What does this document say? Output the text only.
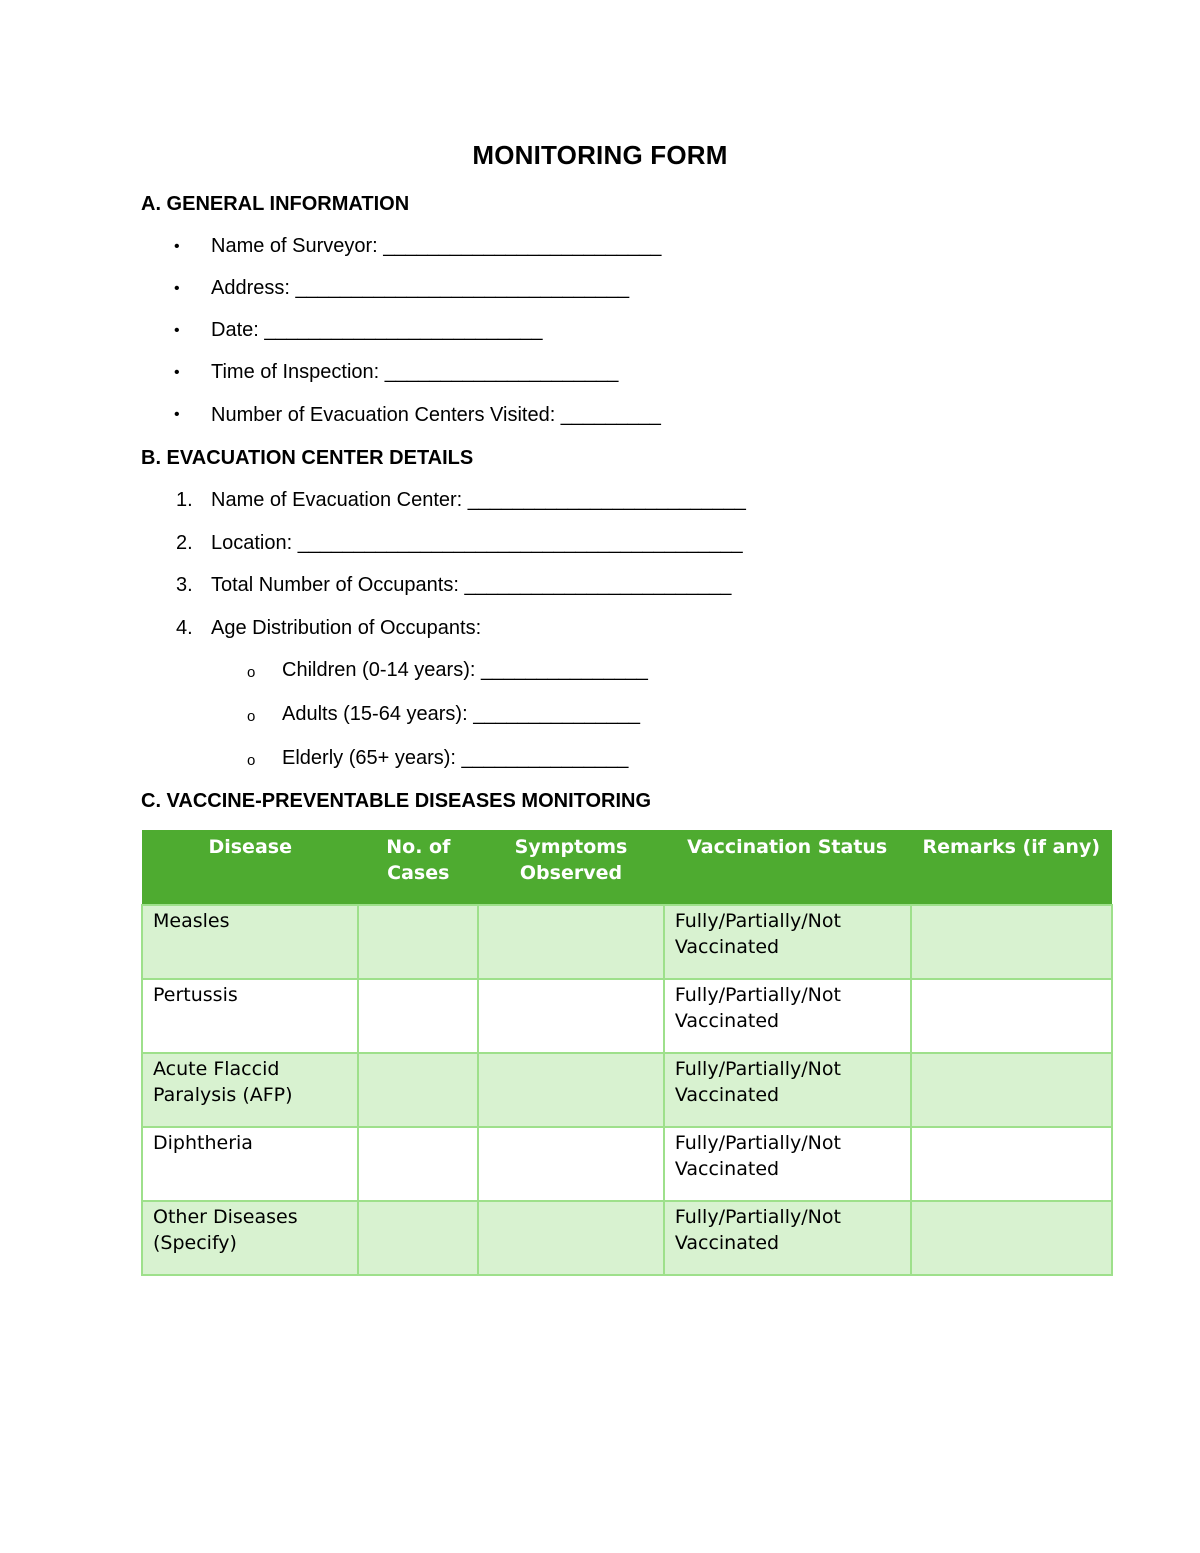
MONITORING FORM
A. GENERAL INFORMATION
• Name of Surveyor: _________________________
• Address: ______________________________
• Date: _________________________
• Time of Inspection: _____________________
• Number of Evacuation Centers Visited: _________
B. EVACUATION CENTER DETAILS
1. Name of Evacuation Center: _________________________
2. Location: ________________________________________
3. Total Number of Occupants: ________________________
4. Age Distribution of Occupants:
o Children (0-14 years): _______________
o Adults (15-64 years): _______________
o Elderly (65+ years): _______________
C. VACCINE-PREVENTABLE DISEASES MONITORING
Disease	No. of Cases	Symptoms Observed	Vaccination Status	Remarks (if any)
Measles			Fully/Partially/Not Vaccinated	
Pertussis			Fully/Partially/Not Vaccinated	
Acute Flaccid Paralysis (AFP)			Fully/Partially/Not Vaccinated	
Diphtheria			Fully/Partially/Not Vaccinated	
Other Diseases (Specify)			Fully/Partially/Not Vaccinated	
